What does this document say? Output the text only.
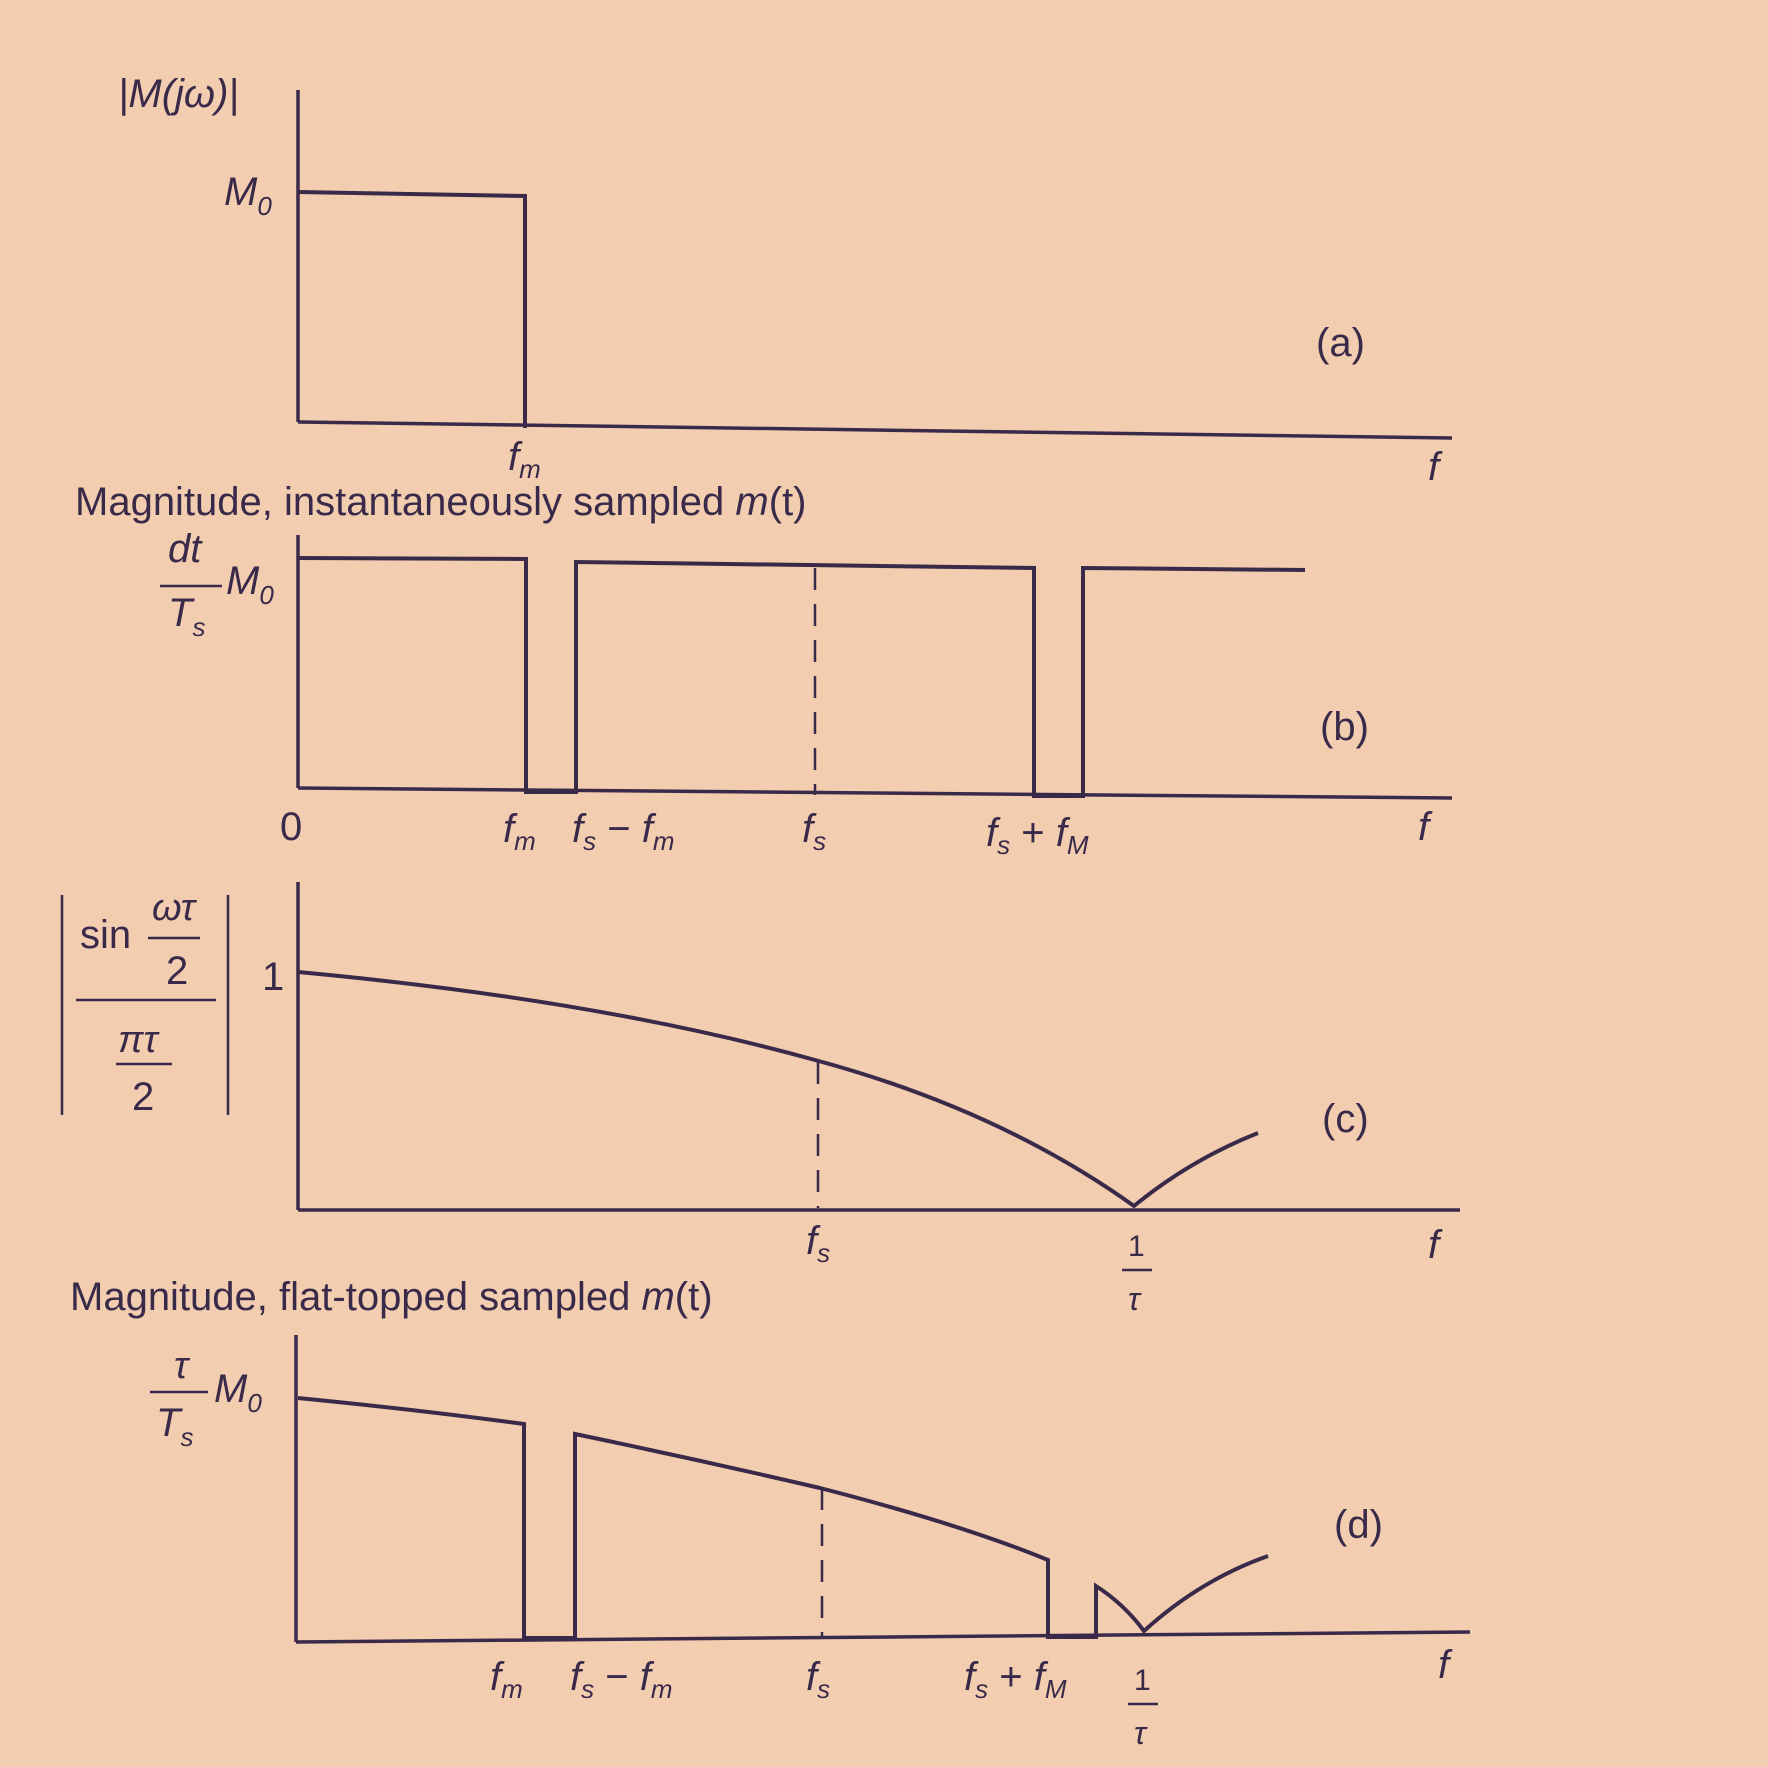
|M(jω)|
$M_0$
$f_m$	f
(a)
Magnitude, instantaneously sampled m(t)
dt
$T_s$
$M_0$
0	$f_m$ $f_s - f_m$	$f_s$	$f_s + f_M$	f
(b)
sin
ωτ
2
πτ
2
1
$f_s$	1
τ
f
(c)
Magnitude, flat-topped sampled m(t)
τ
$T_s$
$M_0$
$f_m$ $f_s - f_m$	$f_s$	$f_s + f_M$ 1
τ
f
(d)
